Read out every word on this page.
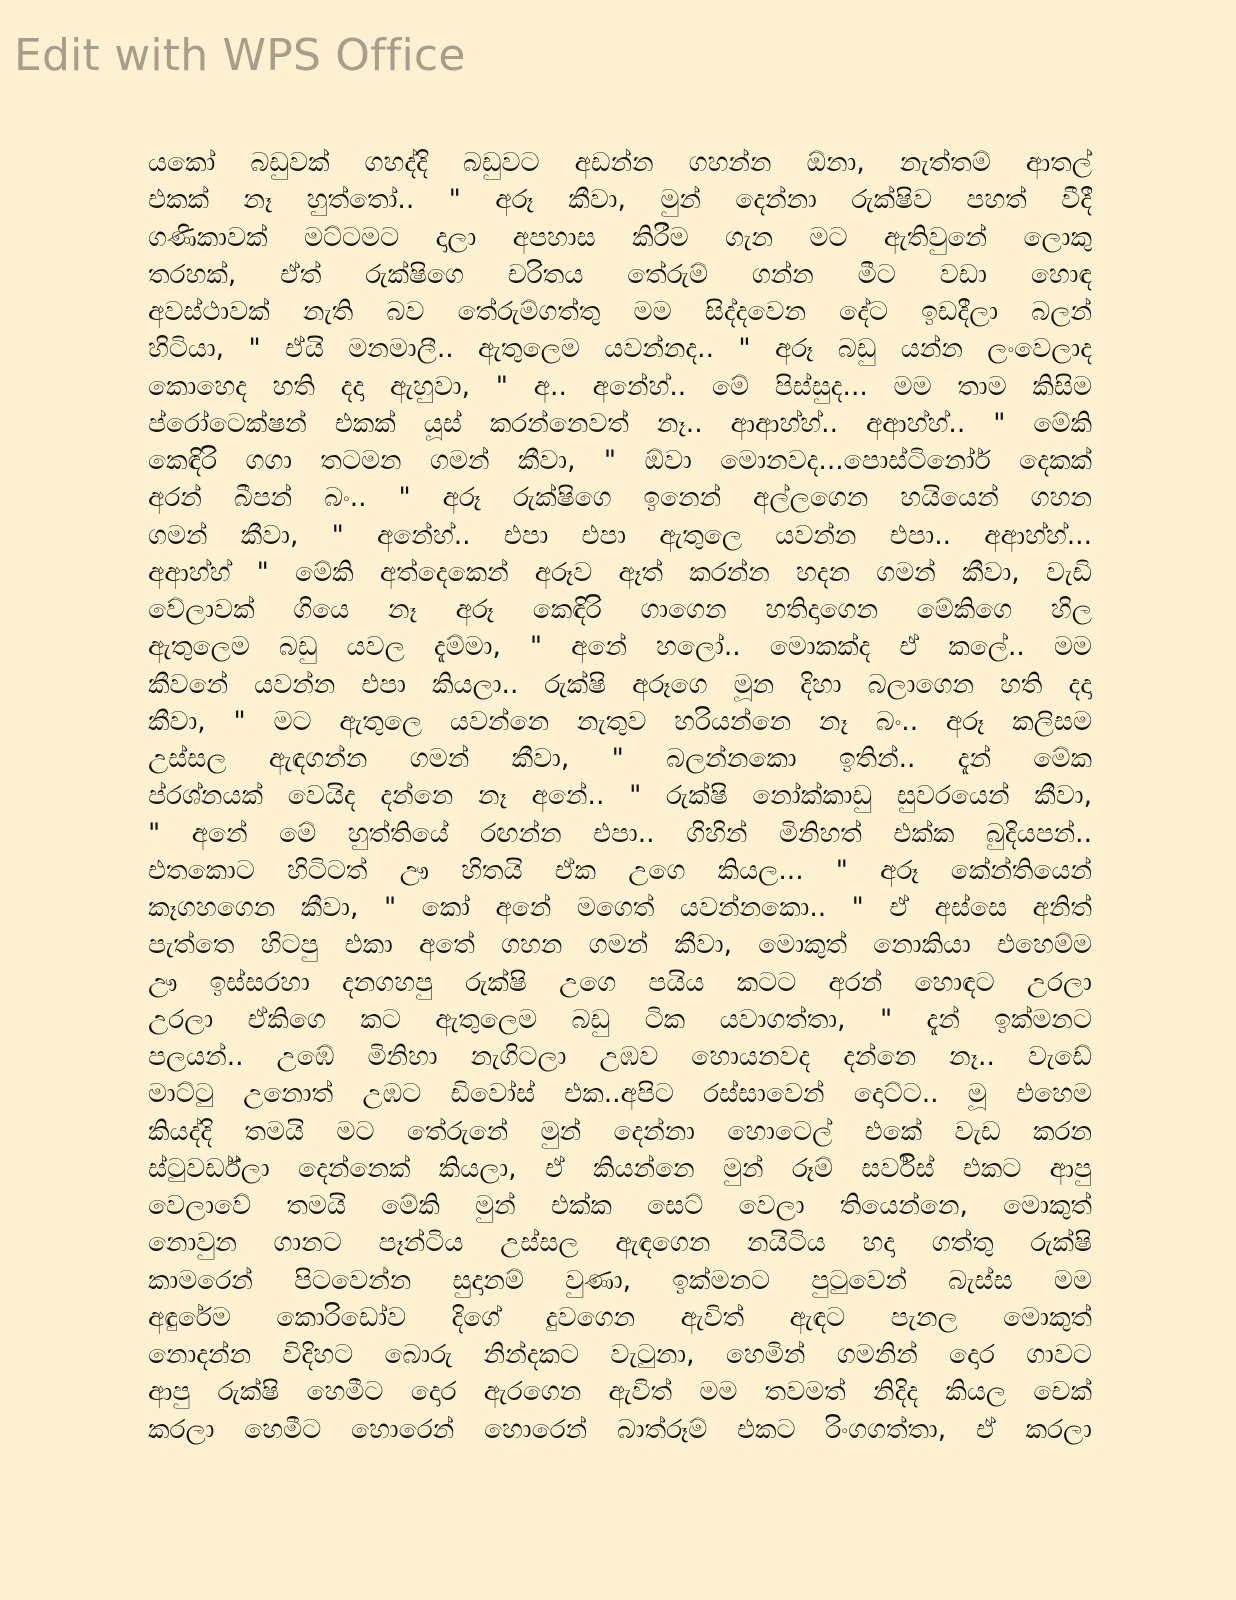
Edit with WPS Office
යකෝ බඩුවක් ගහද්දි බඩුවට අඩන්න ගහන්න ඕනා, නැත්තම් ආතල්
එකක් නෑ හුත්තෝ.. " අරූ කීවා, මුන් දෙන්නා රුක්ෂිව පහත් වීදී
ගණිකාවක් මට්ටමට දාලා අපහාස කිරීම ගැන මට ඇතිවුනේ ලොකු
තරහක්, ඒත් රුක්ෂිගෙ චරිතය තේරුම් ගන්න මීට වඩා හොඳ
අවස්ථාවක් නැති බව තේරුම්ගත්තු මම සිද්දවෙන දේට ඉඩදීලා බලන්
හිටියා, " ඒයි මනමාලී.. ඇතුලෙම යවන්නද.. " අරූ බඩු යන්න ලංවෙලාද
කොහෙද හති දදා ඇහුවා, " අ.. අනේහ්.. මේ පිස්සුද... මම තාම කිසිම
ප්රෝටෙක්ෂන් එකක් යූස් කරන්නෙවත් නෑ.. ආආහ්හ්.. අආහ්හ්.. " මේකි
කෙඳිරි ගගා තටමන ගමන් කීවා, " ඕවා මොනවද...පොස්ටිනෝර් දෙකක්
අරන් බීපන් බං.. " අරූ රුක්ෂිගෙ ඉනෙන් අල්ලගෙන හයියෙන් ගහන
ගමන් කීවා, " අනේහ්.. එපා එපා ඇතුලෙ යවන්න එපා.. අආහ්හ්...
අආහ්හ් " මේකි අත්දෙකෙන් අරූව ඈත් කරන්න හදන ගමන් කීවා, වැඩි
වේලාවක් ගියෙ නෑ අරූ කෙඳිරි ගාගෙන හතිදාගෙන මේකිගෙ හිල
ඇතුලෙම බඩු යවල දැම්මා, " අනේ හලෝ.. මොකක්ද ඒ කලේ.. මම
කීවනේ යවන්න එපා කියලා.. රුක්ෂි අරූගෙ මූන දිහා බලාගෙන හති දදා
කීවා, " මට ඇතුලෙ යවන්නෙ නැතුව හරියන්නෙ නෑ බං.. අරූ කලිසම
උස්සල ඇඳගන්න ගමන් කීවා, " බලන්නකො ඉතින්.. දැන් මේක
ප්රශ්නයක් වෙයිද දන්නෙ නෑ අනේ.. " රුක්ෂි නෝක්කාඩු සුවරයෙන් කීවා,
" අනේ මේ හුත්තියේ රඟන්න එපා.. ගිහින් මිනිහත් එක්ක බුදියපන්..
එතකොට හිටිටත් ඌ හිතයි ඒක උගෙ කියල... " අරූ කේන්තියෙන්
කෑගහගෙන කීවා, " කෝ අනේ මගෙත් යවන්නකො.. " ඒ අස්සෙ අනිත්
පැත්තෙ හිටපු එකා අතේ ගහන ගමන් කීවා, මොකුත් නොකියා එහෙම්ම
ඌ ඉස්සරහා දනගහපු රුක්ෂි උගෙ පයිය කටට අරන් හොඳට උරලා
උරලා ඒකිගෙ කට ඇතුලෙම බඩු ටික යවාගත්තා, " දැන් ඉක්මනට
පලයන්.. උඹේ මිනිහා නැගිටලා උඹව හොයනවද දන්නෙ නෑ.. වැඩේ
මාට්ටු උනොත් උඹට ඩිවෝස් එක..අපිට රස්සාවෙන් දොට්ට.. මූ එහෙම
කියද්දි තමයි මට තේරුනේ මුන් දෙන්නා හොටෙල් එකේ වැඩ කරන
ස්ටුවර්ඩ්ලා දෙන්නෙක් කියලා, ඒ කියන්නෙ මුන් රූම් සර්විස් එකට ආපු
වෙලාවේ තමයි මේකි මුන් එක්ක සෙට් වෙලා තියෙන්නෙ, මොකුත්
නොවුන ගානට පෑන්ටිය උස්සල ඇඳගෙන නයිටිය හදා ගත්තු රුක්ෂි
කාමරෙන් පිටවෙන්න සුදානම් වුණා, ඉක්මනට පුටුවෙන් බැස්ස මම
අඳුරේම කොරිඩෝව දිගේ දුවගෙන ඇවිත් ඇඳට පැනල මොකුත්
නොදන්න විදිහට බොරු නින්දකට වැටුනා, හෙමින් ගමනින් දොර ගාවට
ආපු රුක්ෂි හෙමීට දොර ඇරගෙන ඇවිත් මම තවමත් නිදිද කියල චෙක්
කරලා හෙමීට හොරෙන් හොරෙන් බාත්රූම් එකට රිංගගත්තා, ඒ කරලා
